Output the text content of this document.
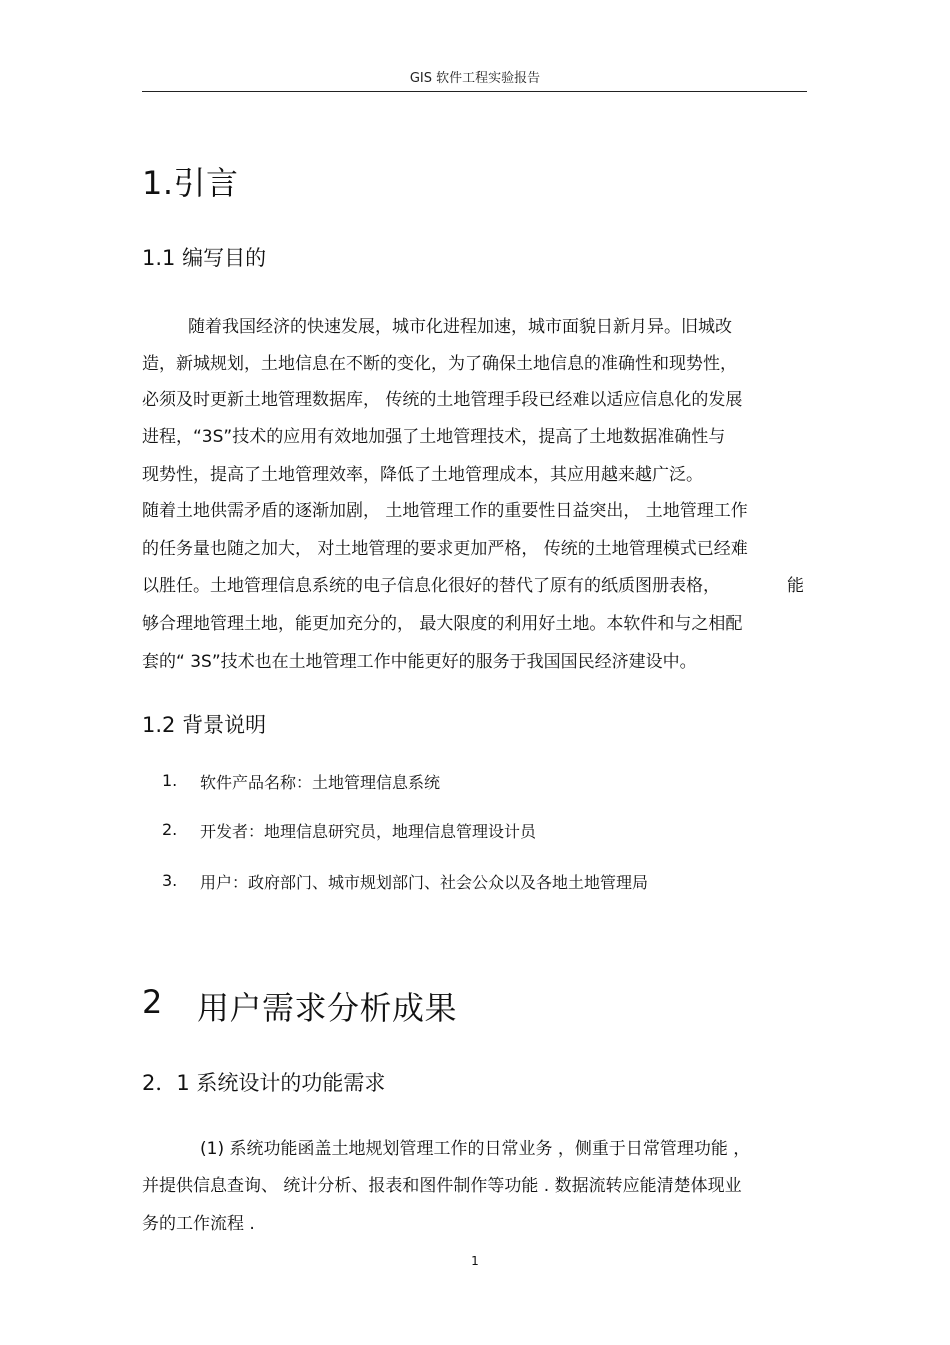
GIS 软件工程实验报告
1.引言
1.1 编写目的
随着我国经济的快速发展，城市化进程加速，城市面貌日新月异。旧城改
造，新城规划，土地信息在不断的变化，为了确保土地信息的准确性和现势性，
必须及时更新土地管理数据库， 传统的土地管理手段已经难以适应信息化的发展
进程，“3S”技术的应用有效地加强了土地管理技术，提高了土地数据准确性与
现势性，提高了土地管理效率，降低了土地管理成本，其应用越来越广泛。
随着土地供需矛盾的逐渐加剧， 土地管理工作的重要性日益突出， 土地管理工作
的任务量也随之加大， 对土地管理的要求更加严格， 传统的土地管理模式已经难
以胜任。土地管理信息系统的电子信息化很好的替代了原有的纸质图册表格，	能
够合理地管理土地，能更加充分的， 最大限度的利用好土地。本软件和与之相配
套的“ 3S”技术也在土地管理工作中能更好的服务于我国国民经济建设中。
1.2 背景说明
1. 软件产品名称：土地管理信息系统
2. 开发者：地理信息研究员，地理信息管理设计员
3. 用户：政府部门、城市规划部门、社会公众以及各地土地管理局
2 用户需求分析成果
2．1 系统设计的功能需求
(1) 系统功能函盖土地规划管理工作的日常业务 ，侧重于日常管理功能 ，
并提供信息查询、 统计分析、报表和图件制作等功能 . 数据流转应能清楚体现业
务的工作流程 .
1
